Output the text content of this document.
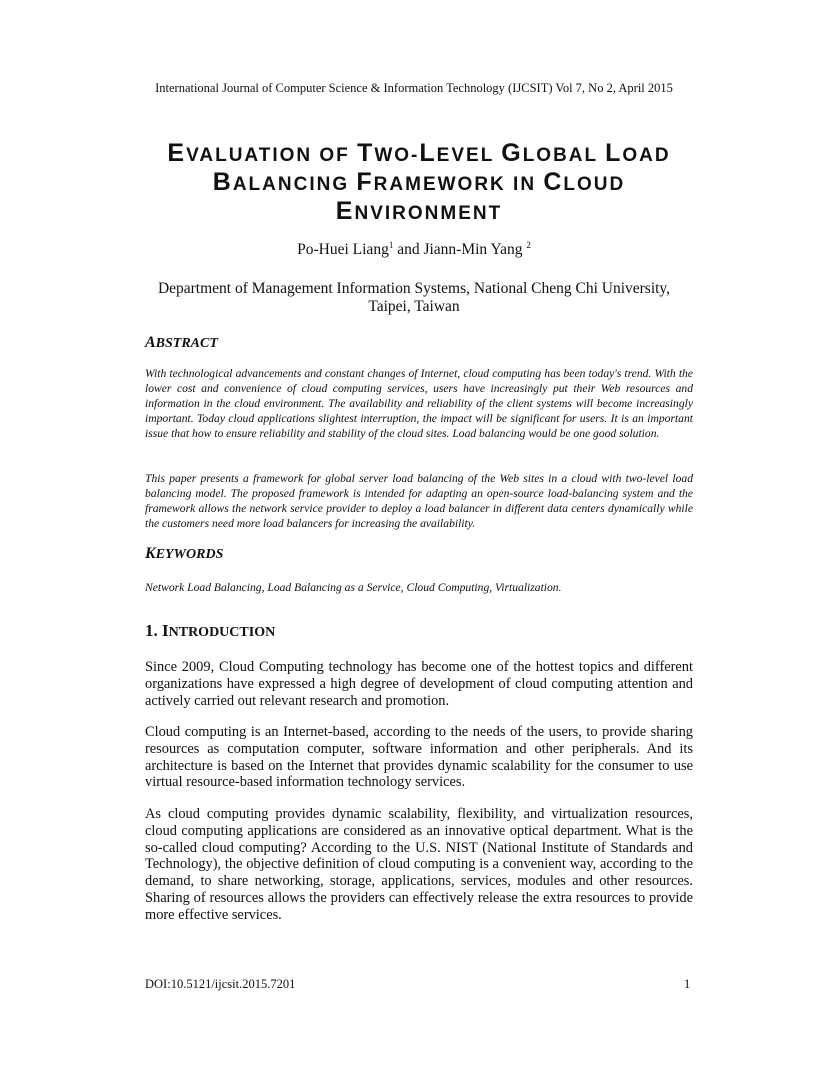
International Journal of Computer Science & Information Technology (IJCSIT) Vol 7, No 2, April 2015
EVALUATION OF TWO-LEVEL GLOBAL LOAD
BALANCING FRAMEWORK IN CLOUD
ENVIRONMENT
Po-Huei Liang$^1$ and Jiann-Min Yang $^2$
Department of Management Information Systems, National Cheng Chi University,
Taipei, Taiwan
ABSTRACT

With technological advancements and constant changes of Internet, cloud computing has been today's trend. With the lower cost and convenience of cloud computing services, users have increasingly put their Web resources and information in the cloud environment. The availability and reliability of the client systems will become increasingly important. Today cloud applications slightest interruption, the impact will be significant for users. It is an important issue that how to ensure reliability and stability of the cloud sites. Load balancing would be one good solution.

This paper presents a framework for global server load balancing of the Web sites in a cloud with two-level load balancing model. The proposed framework is intended for adapting an open-source load-balancing system and the framework allows the network service provider to deploy a load balancer in different data centers dynamically while the customers need more load balancers for increasing the availability.

KEYWORDS

Network Load Balancing, Load Balancing as a Service, Cloud Computing, Virtualization.

1. INTRODUCTION

Since 2009, Cloud Computing technology has become one of the hottest topics and different organizations have expressed a high degree of development of cloud computing attention and actively carried out relevant research and promotion.

Cloud computing is an Internet-based, according to the needs of the users, to provide sharing resources as computation computer, software information and other peripherals. And its architecture is based on the Internet that provides dynamic scalability for the consumer to use virtual resource-based information technology services.

As cloud computing provides dynamic scalability, flexibility, and virtualization resources, cloud computing applications are considered as an innovative optical department. What is the so-called cloud computing? According to the U.S. NIST (National Institute of Standards and Technology), the objective definition of cloud computing is a convenient way, according to the demand, to share networking, storage, applications, services, modules and other resources. Sharing of resources allows the providers can effectively release the extra resources to provide more effective services.

DOI:10.5121/ijcsit.2015.7201	1
